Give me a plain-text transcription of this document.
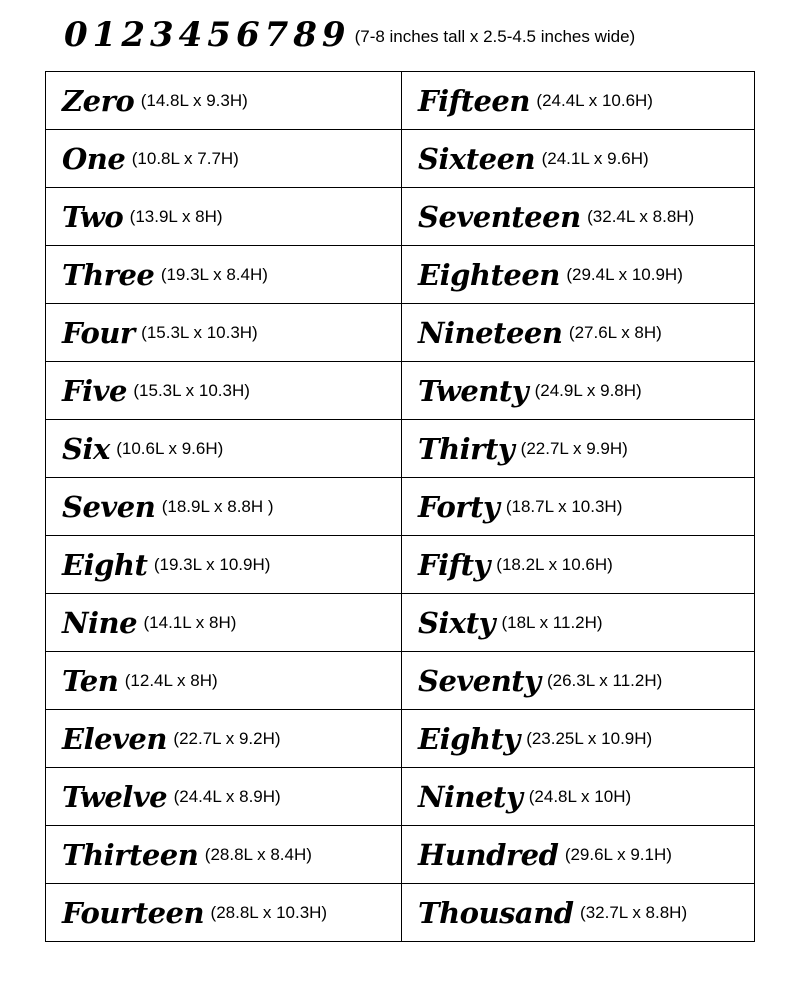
0123456789 (7-8 inches tall x 2.5-4.5 inches wide)
Zero (14.8L x 9.3H)	Fifteen (24.4L x 10.6H)
One (10.8L x 7.7H)	Sixteen (24.1L x 9.6H)
Two (13.9L x 8H)	Seventeen (32.4L x 8.8H)
Three (19.3L x 8.4H)	Eighteen (29.4L x 10.9H)
Four (15.3L x 10.3H)	Nineteen (27.6L x 8H)
Five (15.3L x 10.3H)	Twenty (24.9L x 9.8H)
Six (10.6L x 9.6H)	Thirty (22.7L x 9.9H)
Seven (18.9L x 8.8H )	Forty (18.7L x 10.3H)
Eight (19.3L x 10.9H)	Fifty (18.2L x 10.6H)
Nine (14.1L x 8H)	Sixty (18L x 11.2H)
Ten (12.4L x 8H)	Seventy (26.3L x 11.2H)
Eleven (22.7L x 9.2H)	Eighty (23.25L x 10.9H)
Twelve (24.4L x 8.9H)	Ninety (24.8L x 10H)
Thirteen (28.8L x 8.4H)	Hundred (29.6L x 9.1H)
Fourteen (28.8L x 10.3H)	Thousand (32.7L x 8.8H)
